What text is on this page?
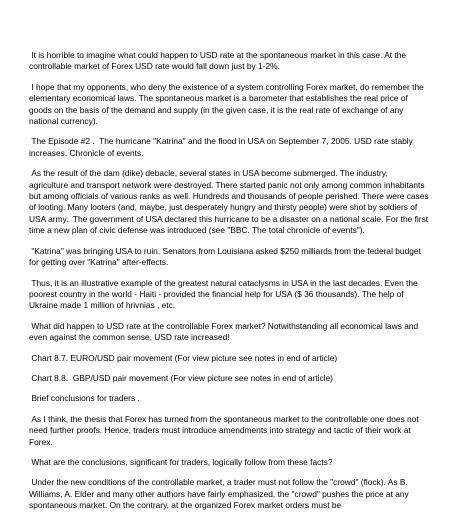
It is horrible to imagine what could happen to USD rate at the spontaneous market in this case. At the controllable market of Forex USD rate would fall down just by 1-2%.

I hope that my opponents, who deny the existence of a system controlling Forex market, do remember the elementary economical laws. The spontaneous market is a barometer that establishes the real price of goods on the basis of the demand and supply (in the given case, it is the real rate of exchange of any national currency).

The Episode #2 .  The hurricane "Katrina" and the flood in USA on September 7, 2005. USD rate stably increases. Chronicle of events.

As the result of the dam (dike) debacle, several states in USA become submerged. The industry, agriculture and transport network were destroyed. There started panic not only among common inhabitants but among officials of various ranks as well. Hundreds and thousands of people perished. There were cases of looting. Many looters (and, maybe, just desperately hungry and thirsty people) were shot by soldiers of USA army.  The government of USA declared this hurricane to be a disaster on a national scale. For the first time a new plan of civic defense was introduced (see "BBC. The total chronicle of events").

"Katrina" was bringing USA to ruin. Senators from Louisiana asked $250 milliards from the federal budget for getting over "Katrina" after-effects.

Thus, it is an illustrative example of the greatest natural cataclysms in USA in the last decades. Even the poorest country in the world - Haiti - provided the financial help for USA ($ 36 thousands). The help of Ukraine made 1 million of hrivnias , etc.

What did happen to USD rate at the controllable Forex market? Notwithstanding all economical laws and even against the common sense, USD rate increased!

Chart 8.7. EURO/USD pair movement (For view picture see notes in end of article)

Chart 8.8.  GBP/USD pair movement (For view picture see notes in end of article)

Brief conclusions for traders .

As I think, the thesis that Forex has turned from the spontaneous market to the controllable one does not need further proofs. Hence, traders must introduce amendments into strategy and tactic of their work at Forex.

What are the conclusions, significant for traders, logically follow from these facts?

Under the new conditions of the controllable market, a trader must not follow the "crowd" (flock). As B. Williams, A. Elder and many other authors have fairly emphasized, the "crowd" pushes the price at any spontaneous market. On the contrary, at the organized Forex market orders must be
